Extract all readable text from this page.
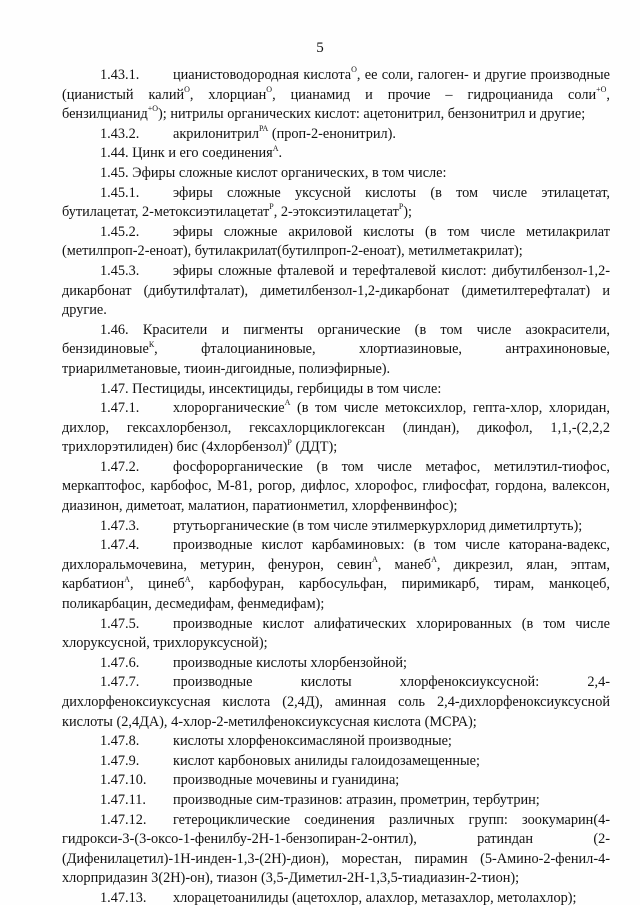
5

1.43.1. цианистоводородная кислота$^О$, ее соли, галоген- и другие производные (цианистый калий$^О$, хлорциан$^О$, цианамид и прочие – гидроцианида соли$^{+О}$, бензилцианид$^{+О}$); нитрилы органических кислот: ацетонитрил, бензонитрил и другие;

1.43.2. акрилонитрил$^{РА}$ (проп-2-енонитрил).

1.44. Цинк и его соединения$^А$.

1.45. Эфиры сложные кислот органических, в том числе:

1.45.1. эфиры сложные уксусной кислоты (в том числе этилацетат, бутилацетат, 2-метоксиэтилацетат$^Р$, 2-этоксиэтилацетат$^Р$);

1.45.2. эфиры сложные акриловой кислоты (в том числе метилакрилат (метилпроп-2-еноат), бутилакрилат(бутилпроп-2-еноат), метилметакрилат);

1.45.3. эфиры сложные фталевой и терефталевой кислот: дибутилбензол-1,2-дикарбонат (дибутилфталат), диметилбензол-1,2-дикарбонат (диметилтерефталат) и другие.

1.46. Красители и пигменты органические (в том числе азокрасители, бензидиновые$^К$, фталоцианиновые, хлортиазиновые, антрахиноновые, триарилметановые, тиоин-дигоидные, полиэфирные).

1.47. Пестициды, инсектициды, гербициды в том числе:

1.47.1. хлорорганические$^А$ (в том числе метоксихлор, гепта-хлор, хлоридан, дихлор, гексахлорбензол, гексахлорциклогексан (линдан), дикофол, 1,1,-(2,2,2 трихлорэтилиден) бис (4хлорбензол)$^Р$ (ДДТ);

1.47.2. фосфорорганические (в том числе метафос, метилэтил-тиофос, меркаптофос, карбофос, М-81, рогор, дифлос, хлорофос, глифосфат, гордона, валексон, диазинон, диметоат, малатион, паратионметил, хлорфенвинфос);

1.47.3. ртутьорганические (в том числе этилмеркурхлорид диметилртуть);

1.47.4. производные кислот карбаминовых: (в том числе каторана-вадекс, дихлоральмочевина, метурин, фенурон, севин$^А$, манеб$^А$, дикрезил, ялан, эптам, карбатион$^А$, цинеб$^А$, карбофуран, карбосульфан, пиримикарб, тирам, манкоцеб, поликарбацин, десмедифам, фенмедифам);

1.47.5. производные кислот алифатических хлорированных (в том числе хлоруксусной, трихлоруксусной);

1.47.6. производные кислоты хлорбензойной;

1.47.7. производные кислоты хлорфеноксиуксусной: 2,4-дихлорфеноксиуксусная кислота (2,4Д), аминная соль 2,4-дихлорфеноксиуксусной кислоты (2,4ДА), 4-хлор-2-метилфеноксиуксусная кислота (МСРА);

1.47.8. кислоты хлорфеноксимасляной производные;

1.47.9. кислот карбоновых анилиды галоидозамещенные;

1.47.10. производные мочевины и гуанидина;

1.47.11. производные сим-тразинов: атразин, прометрин, тербутрин;

1.47.12. гетероциклические соединения различных групп: зоокумарин(4-гидрокси-3-(3-оксо-1-фенилбу-2Н-1-бензопиран-2-онтил), ратиндан (2-(Дифенилацетил)-1Н-инден-1,3-(2Н)-дион), морестан, пирамин (5-Амино-2-фенил-4-хлорпридазин 3(2Н)-он), тиазон (3,5-Диметил-2Н-1,3,5-тиадиазин-2-тион);

1.47.13. хлорацетоанилиды (ацетохлор, алахлор, метазахлор, метолахлор);
